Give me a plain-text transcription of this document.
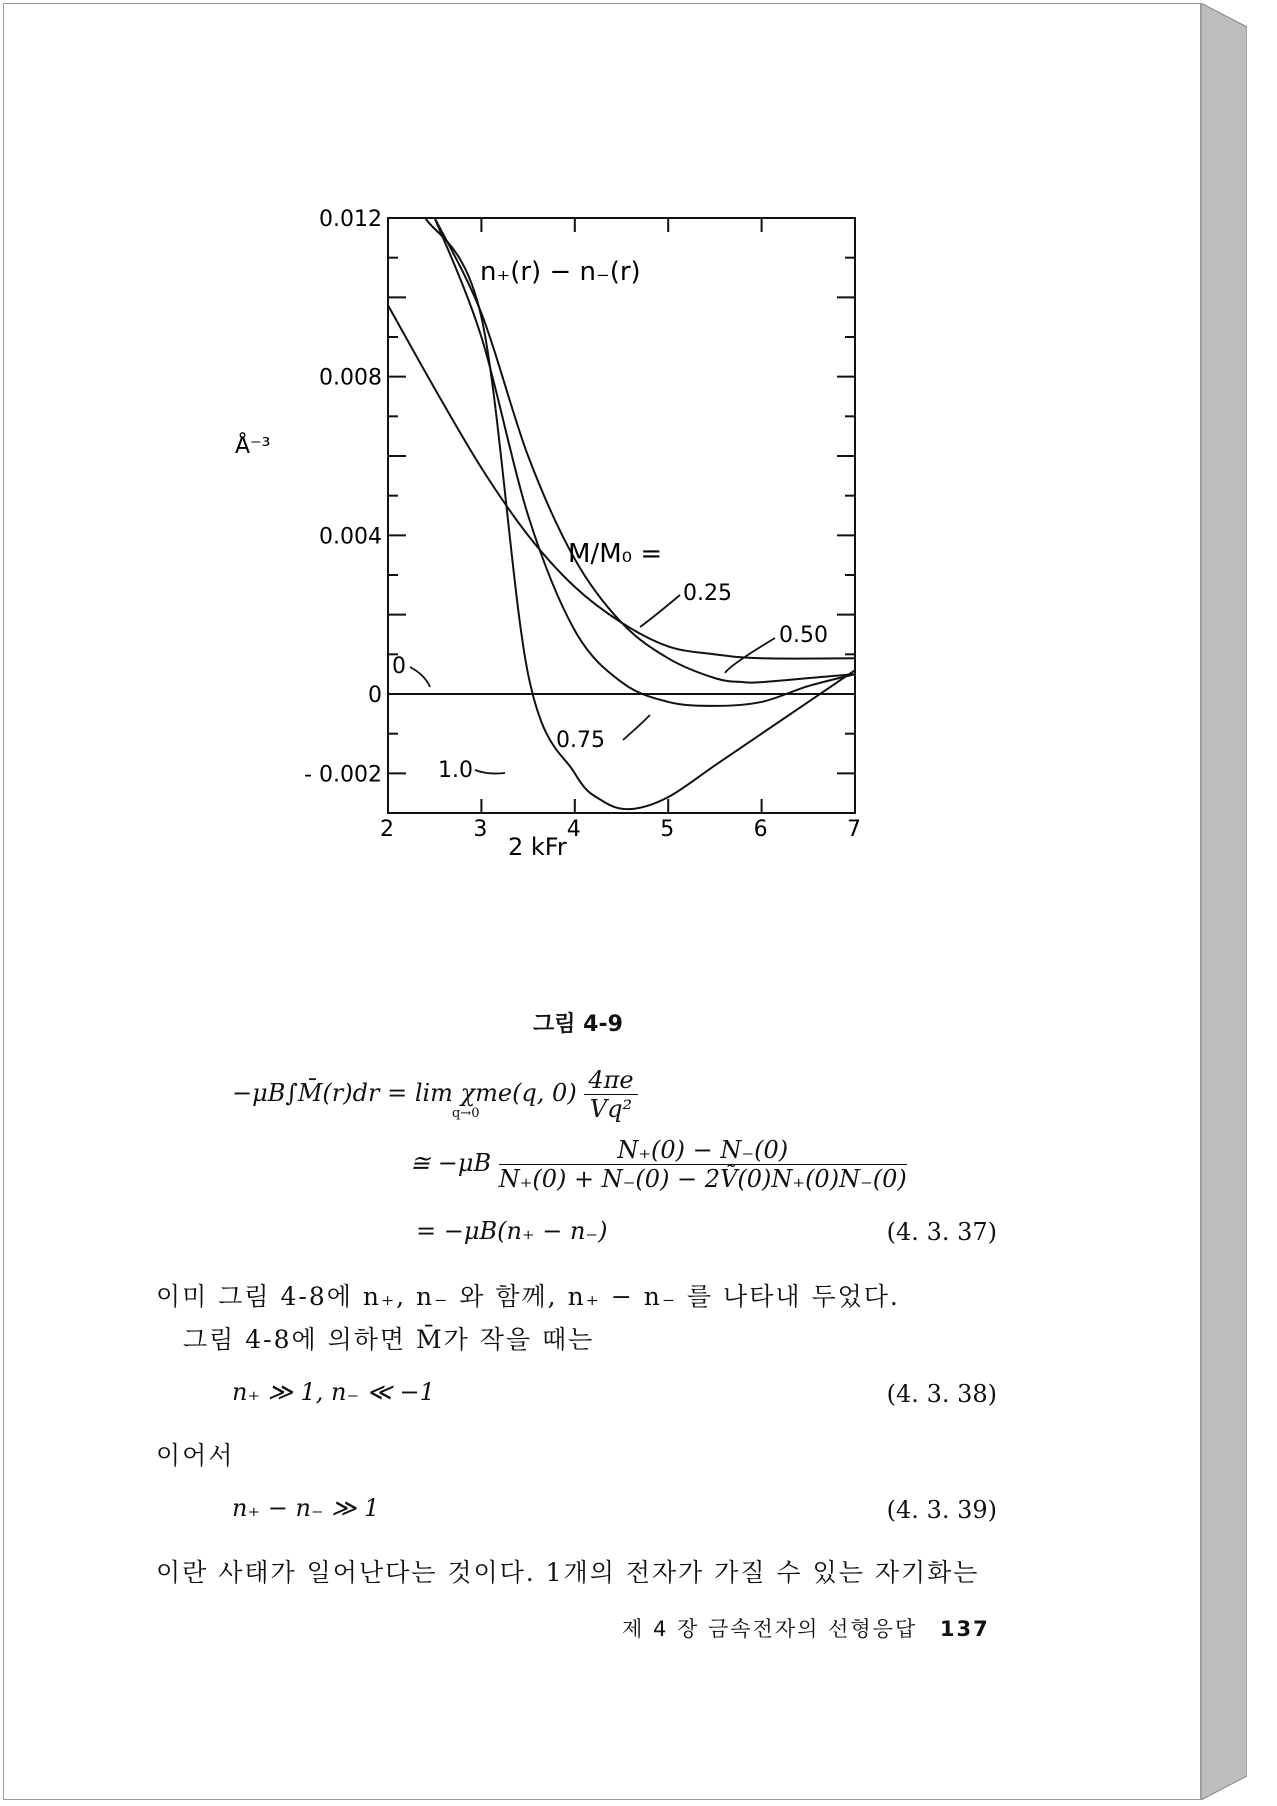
2	3	4	5	6	7
0.012
0.008
0.004
0
- 0.002
n₊(r) − n₋(r)
Å⁻³
2 kFr
M/M₀ =
0
0.25
0.50
0.75
1.0
그림 4-9
−μB∫M̄(r)dr = lim χme(q, $0) \frac{4\pi e}{\text{Vq²}}$
q→0
≅ $-\mu B \frac{N_+(0) - N_-(0)}{\text{N₊(0) + N₋(0) − 2Ṽ(0)N₊(0)N₋(0)}}$
= −μB(n₊ − n₋)	(4. 3. 37)
이미 그림 4-8에 n₊, n₋ 와 함께, n₊ − n₋ 를 나타내 두었다.
그림 4-8에 의하면 M̄가 작을 때는
n₊ ≫ 1, n₋ ≪ −1	(4. 3. 38)
이어서
n₊ − n₋ ≫ 1	(4. 3. 39)
이란 사태가 일어난다는 것이다. 1개의 전자가 가질 수 있는 자기화는
제 4 장 금속전자의 선형응답 137
